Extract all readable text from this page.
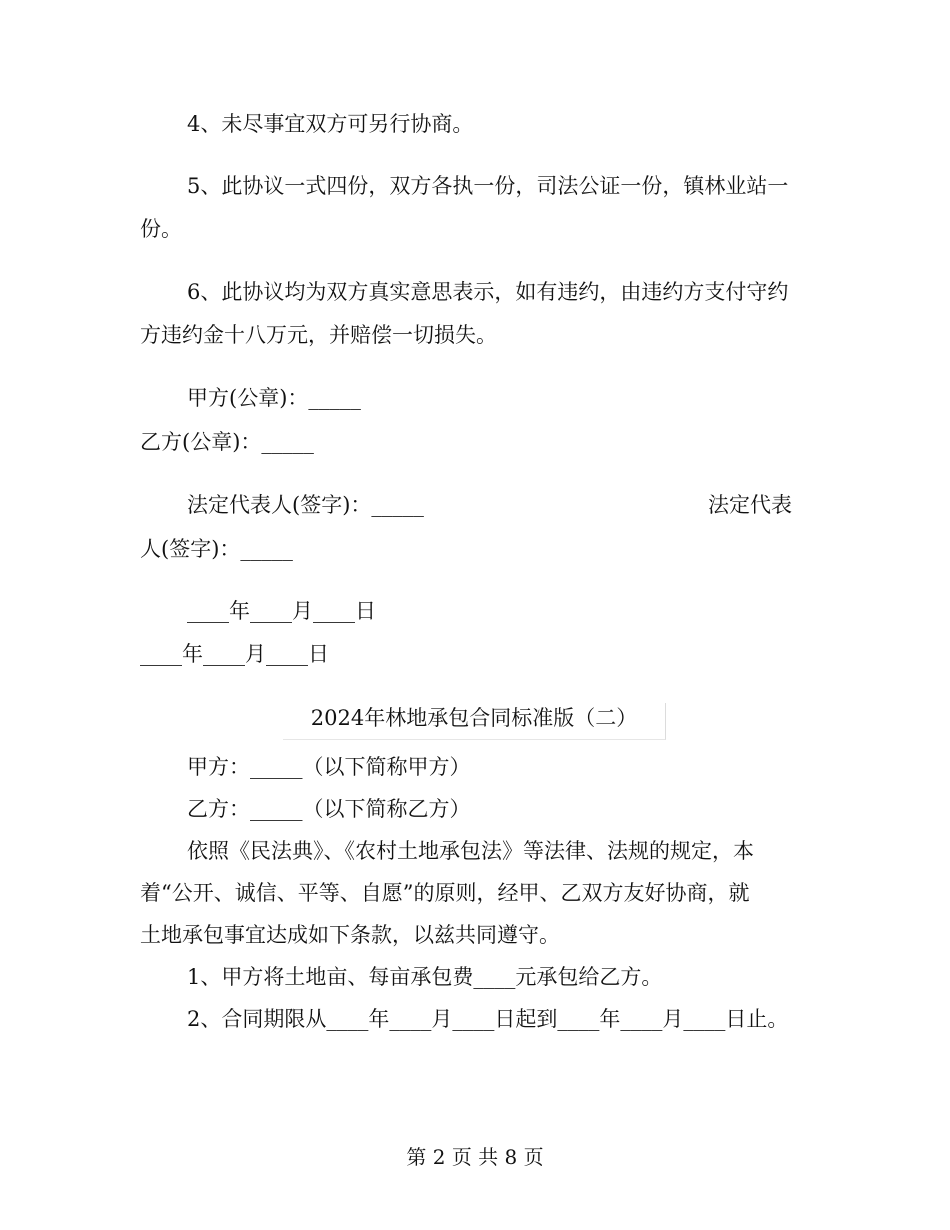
4、未尽事宜双方可另行协商。

5、此协议一式四份，双方各执一份，司法公证一份，镇林业站一

份。

6、此协议均为双方真实意思表示，如有违约，由违约方支付守约

方违约金十八万元，并赔偿一切损失。

甲方(公章)：_____

乙方(公章)：_____

法定代表人(签字)：_____	法定代表

人(签字)：_____

____年____月____日

____年____月____日

2024年林地承包合同标准版（二）

甲方：_____（以下简称甲方）

乙方：_____（以下简称乙方）

依照《民法典》、《农村土地承包法》等法律、法规的规定，本

着“公开、诚信、平等、自愿”的原则，经甲、乙双方友好协商，就

土地承包事宜达成如下条款，以兹共同遵守。

1、甲方将土地亩、每亩承包费____元承包给乙方。

2、合同期限从____年____月____日起到____年____月____日止。

第 2 页 共 8 页
